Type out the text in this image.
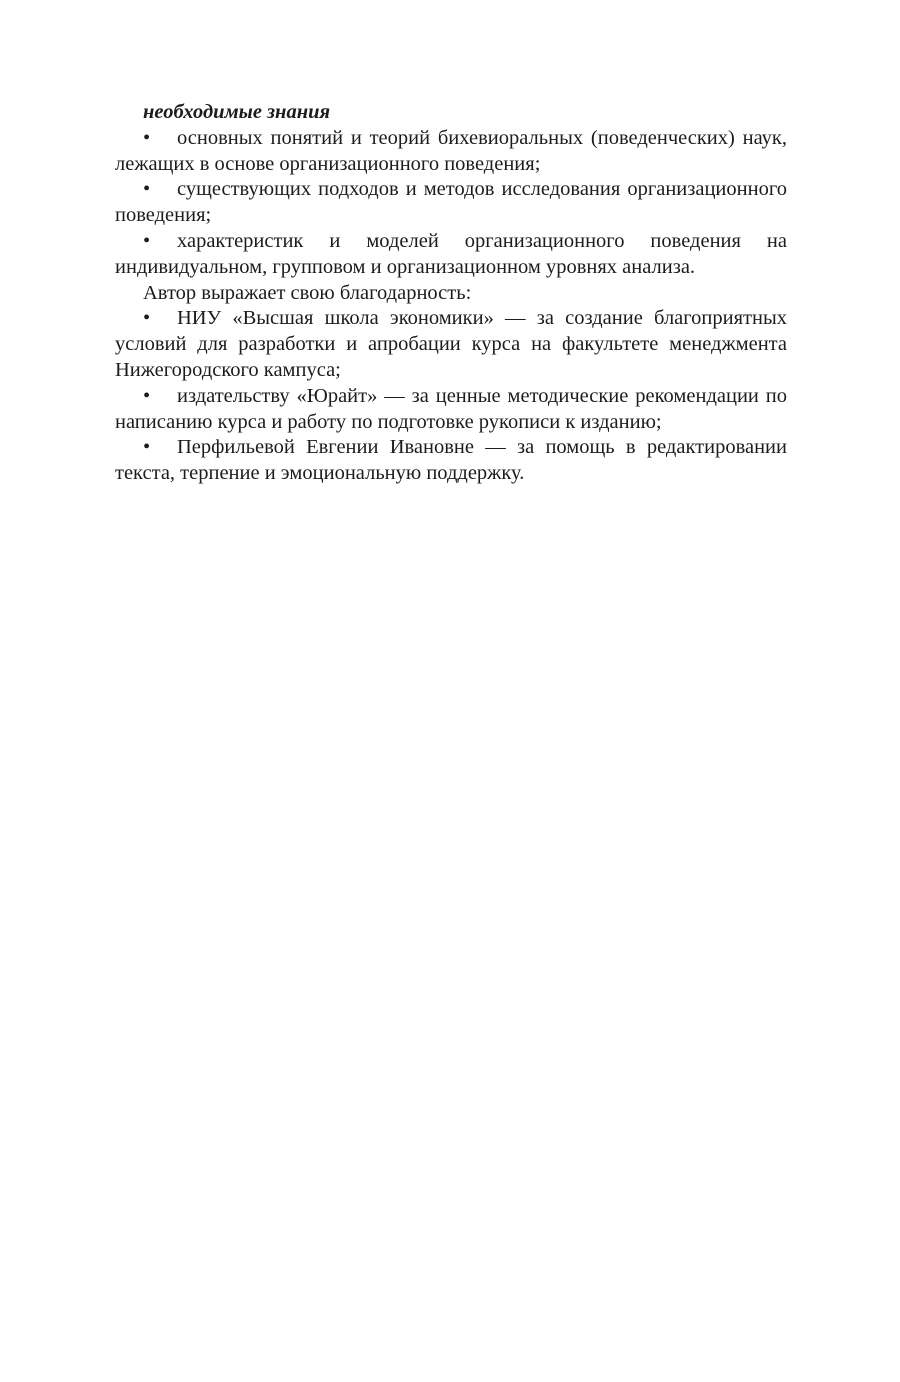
необходимые знания

• основных понятий и теорий бихевиоральных (поведенческих) наук, лежащих в основе организационного поведения;

• существующих подходов и методов исследования организационного поведения;

• характеристик и моделей организационного поведения на индивидуальном, групповом и организационном уровнях анализа.

Автор выражает свою благодарность:

• НИУ «Высшая школа экономики» — за создание благоприятных условий для разработки и апробации курса на факультете менеджмента Нижегородского кампуса;

• издательству «Юрайт» — за ценные методические рекомендации по написанию курса и работу по подготовке рукописи к изданию;

• Перфильевой Евгении Ивановне — за помощь в редактировании текста, терпение и эмоциональную поддержку.
